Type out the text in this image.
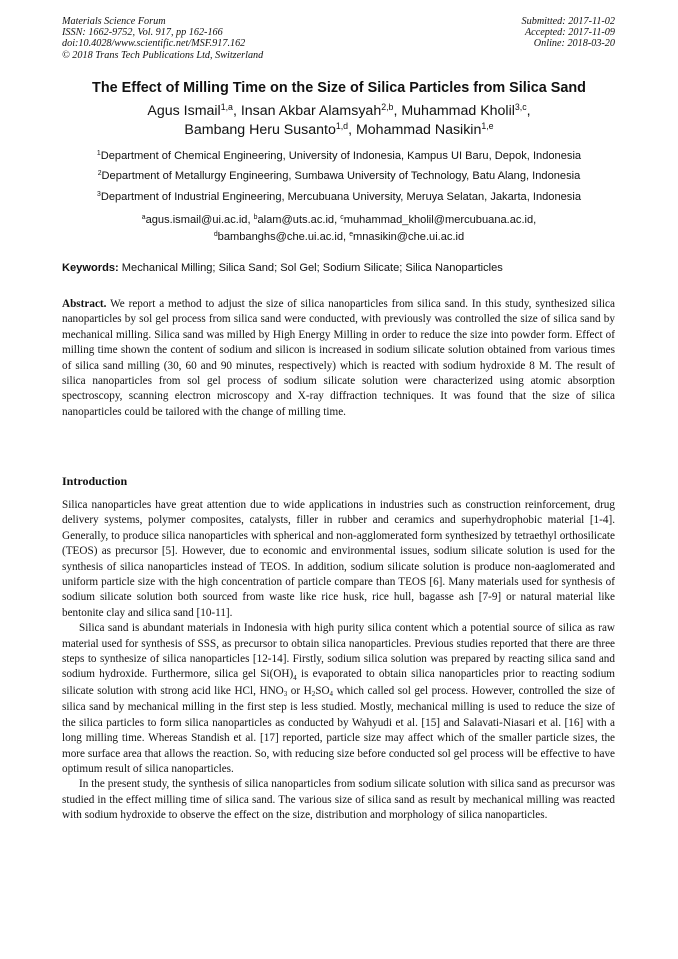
Materials Science Forum
ISSN: 1662-9752, Vol. 917, pp 162-166
doi:10.4028/www.scientific.net/MSF.917.162
© 2018 Trans Tech Publications Ltd, Switzerland
Submitted: 2017-11-02
Accepted: 2017-11-09
Online: 2018-03-20
The Effect of Milling Time on the Size of Silica Particles from Silica Sand
Agus Ismail$^{1,a}$, Insan Akbar Alamsyah$^{2,b}$, Muhammad Kholil$^{3,c}$,
Bambang Heru Susanto$^{1,d}$, Mohammad Nasikin$^{1,e}$
$^1$Department of Chemical Engineering, University of Indonesia, Kampus UI Baru, Depok, Indonesia
$^2$Department of Metallurgy Engineering, Sumbawa University of Technology, Batu Alang, Indonesia
$^3$Department of Industrial Engineering, Mercubuana University, Meruya Selatan, Jakarta, Indonesia
$^a$agus.ismail@ui.ac.id, $^b$alam@uts.ac.id, $^c$muhammad_kholil@mercubuana.ac.id,
$^d$bambanghs@che.ui.ac.id, $^e$mnasikin@che.ui.ac.id
Keywords: Mechanical Milling; Silica Sand; Sol Gel; Sodium Silicate; Silica Nanoparticles
Abstract. We report a method to adjust the size of silica nanoparticles from silica sand. In this study, synthesized silica nanoparticles by sol gel process from silica sand were conducted, with previously was controlled the size of silica sand by mechanical milling. Silica sand was milled by High Energy Milling in order to reduce the size into powder form. Effect of milling time shown the content of sodium and silicon is increased in sodium silicate solution obtained from various times of silica sand milling (30, 60 and 90 minutes, respectively) which is reacted with sodium hydroxide 8 M. The result of silica nanoparticles from sol gel process of sodium silicate solution were characterized using atomic absorption spectroscopy, scanning electron microscopy and X-ray diffraction techniques. It was found that the size of silica nanoparticles could be tailored with the change of milling time.
Introduction

Silica nanoparticles have great attention due to wide applications in industries such as construction reinforcement, drug delivery systems, polymer composites, catalysts, filler in rubber and ceramics and superhydrophobic material [1-4]. Generally, to produce silica nanoparticles with spherical and non-agglomerated form synthesized by tetraethyl orthosilicate (TEOS) as precursor [5]. However, due to economic and environmental issues, sodium silicate solution is used for the synthesis of silica nanoparticles instead of TEOS. In addition, sodium silicate solution is produce non-aaglomerated and uniform particle size with the high concentration of particle compare than TEOS [6]. Many materials used for synthesis of sodium silicate solution both sourced from waste like rice husk, rice hull, bagasse ash [7-9] or natural material like bentonite clay and silica sand [10-11].

Silica sand is abundant materials in Indonesia with high purity silica content which a potential source of silica as raw material used for synthesis of SSS, as precursor to obtain silica nanoparticles. Previous studies reported that there are three steps to synthesize of silica nanoparticles [12-14]. Firstly, sodium silica solution was prepared by reacting silica sand and sodium hydroxide. Furthermore, silica gel $Si(OH)_4$ is evaporated to obtain silica nanoparticles prior to reacting sodium silicate solution with strong acid like HCl, $HNO_3$ or $H_2SO_4$ which called sol gel process. However, controlled the size of silica sand by mechanical milling in the first step is less studied. Mostly, mechanical milling is used to reduce the size of the silica particles to form silica nanoparticles as conducted by Wahyudi et al. [15] and Salavati-Niasari et al. [16] with a long milling time. Whereas Standish et al. [17] reported, particle size may affect which of the smaller particle sizes, the more surface area that allows the reaction. So, with reducing size before conducted sol gel process will be effective to have optimum result of silica nanoparticles.

In the present study, the synthesis of silica nanoparticles from sodium silicate solution with silica sand as precursor was studied in the effect milling time of silica sand. The various size of silica sand as result by mechanical milling was reacted with sodium hydroxide to observe the effect on the size, distribution and morphology of silica nanoparticles.
